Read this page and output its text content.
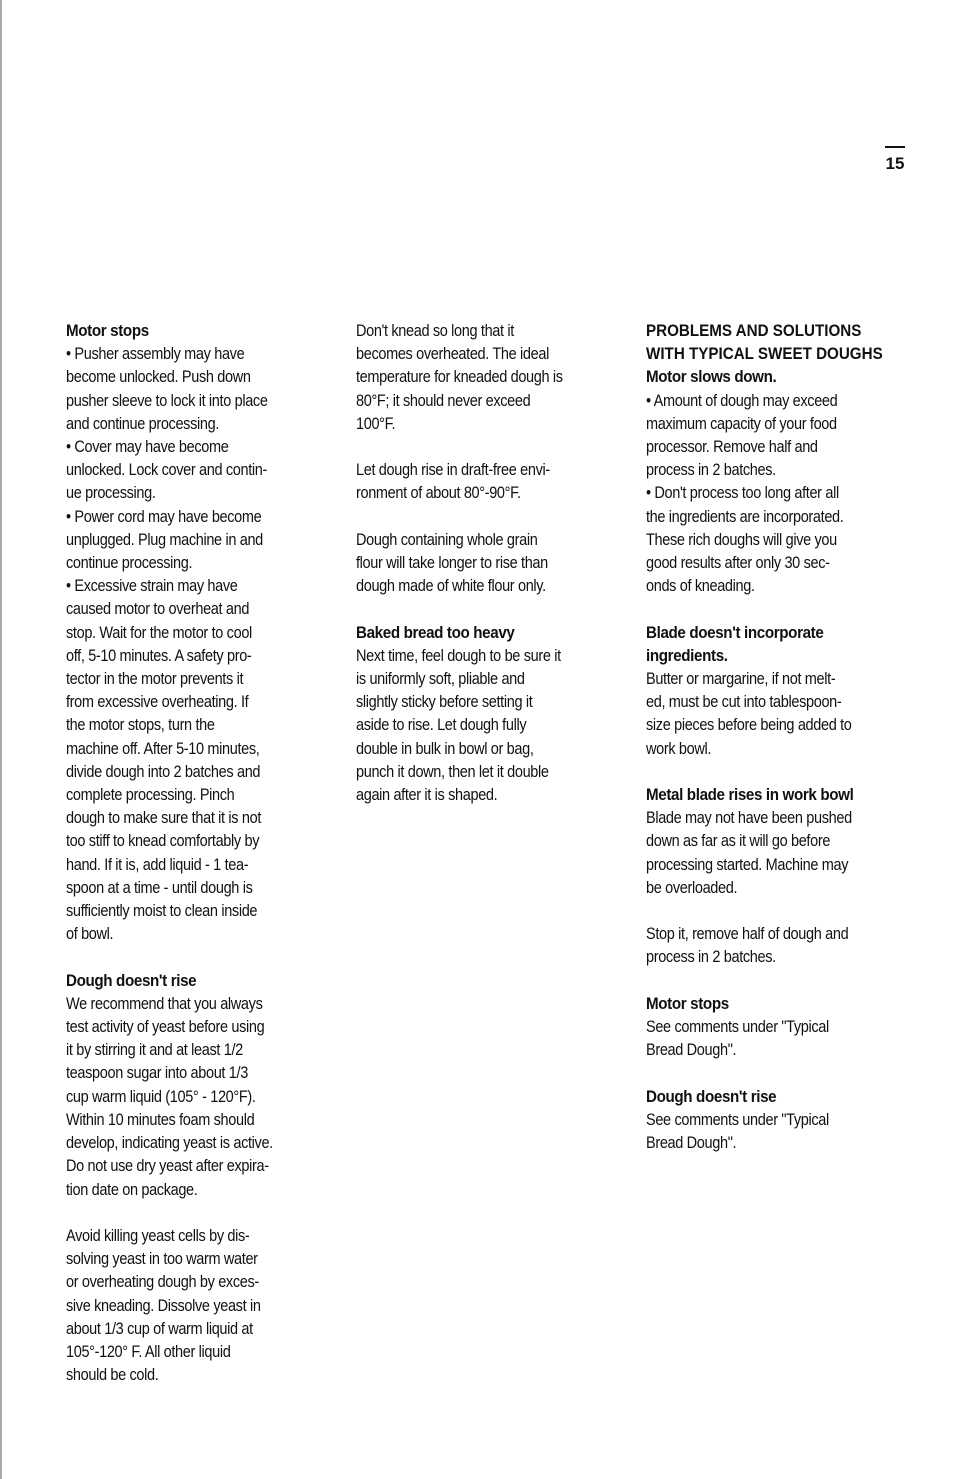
15
Motor stops
• Pusher assembly may have
become unlocked. Push down
pusher sleeve to lock it into place
and continue processing.
• Cover may have become
unlocked. Lock cover and contin-
ue processing.
• Power cord may have become
unplugged. Plug machine in and
continue processing.
• Excessive strain may have
caused motor to overheat and
stop. Wait for the motor to cool
off, 5-10 minutes. A safety pro-
tector in the motor prevents it
from excessive overheating. If
the motor stops, turn the
machine off. After 5-10 minutes,
divide dough into 2 batches and
complete processing. Pinch
dough to make sure that it is not
too stiff to knead comfortably by
hand. If it is, add liquid - 1 tea-
spoon at a time - until dough is
sufficiently moist to clean inside
of bowl.
Dough doesn't rise
We recommend that you always
test activity of yeast before using
it by stirring it and at least 1/2
teaspoon sugar into about 1/3
cup warm liquid (105° - 120°F).
Within 10 minutes foam should
develop, indicating yeast is active.
Do not use dry yeast after expira-
tion date on package.
Avoid killing yeast cells by dis-
solving yeast in too warm water
or overheating dough by exces-
sive kneading. Dissolve yeast in
about 1/3 cup of warm liquid at
105°-120° F. All other liquid
should be cold.
Don't knead so long that it
becomes overheated. The ideal
temperature for kneaded dough is
80°F; it should never exceed
100°F.
Let dough rise in draft-free envi-
ronment of about 80°-90°F.
Dough containing whole grain
flour will take longer to rise than
dough made of white flour only.
Baked bread too heavy
Next time, feel dough to be sure it
is uniformly soft, pliable and
slightly sticky before setting it
aside to rise. Let dough fully
double in bulk in bowl or bag,
punch it down, then let it double
again after it is shaped.
PROBLEMS AND SOLUTIONS
WITH TYPICAL SWEET DOUGHS
Motor slows down.
• Amount of dough may exceed
maximum capacity of your food
processor. Remove half and
process in 2 batches.
• Don't process too long after all
the ingredients are incorporated.
These rich doughs will give you
good results after only 30 sec-
onds of kneading.
Blade doesn't incorporate
ingredients.
Butter or margarine, if not melt-
ed, must be cut into tablespoon-
size pieces before being added to
work bowl.
Metal blade rises in work bowl
Blade may not have been pushed
down as far as it will go before
processing started. Machine may
be overloaded.
Stop it, remove half of dough and
process in 2 batches.
Motor stops
See comments under "Typical
Bread Dough".
Dough doesn't rise
See comments under "Typical
Bread Dough".
